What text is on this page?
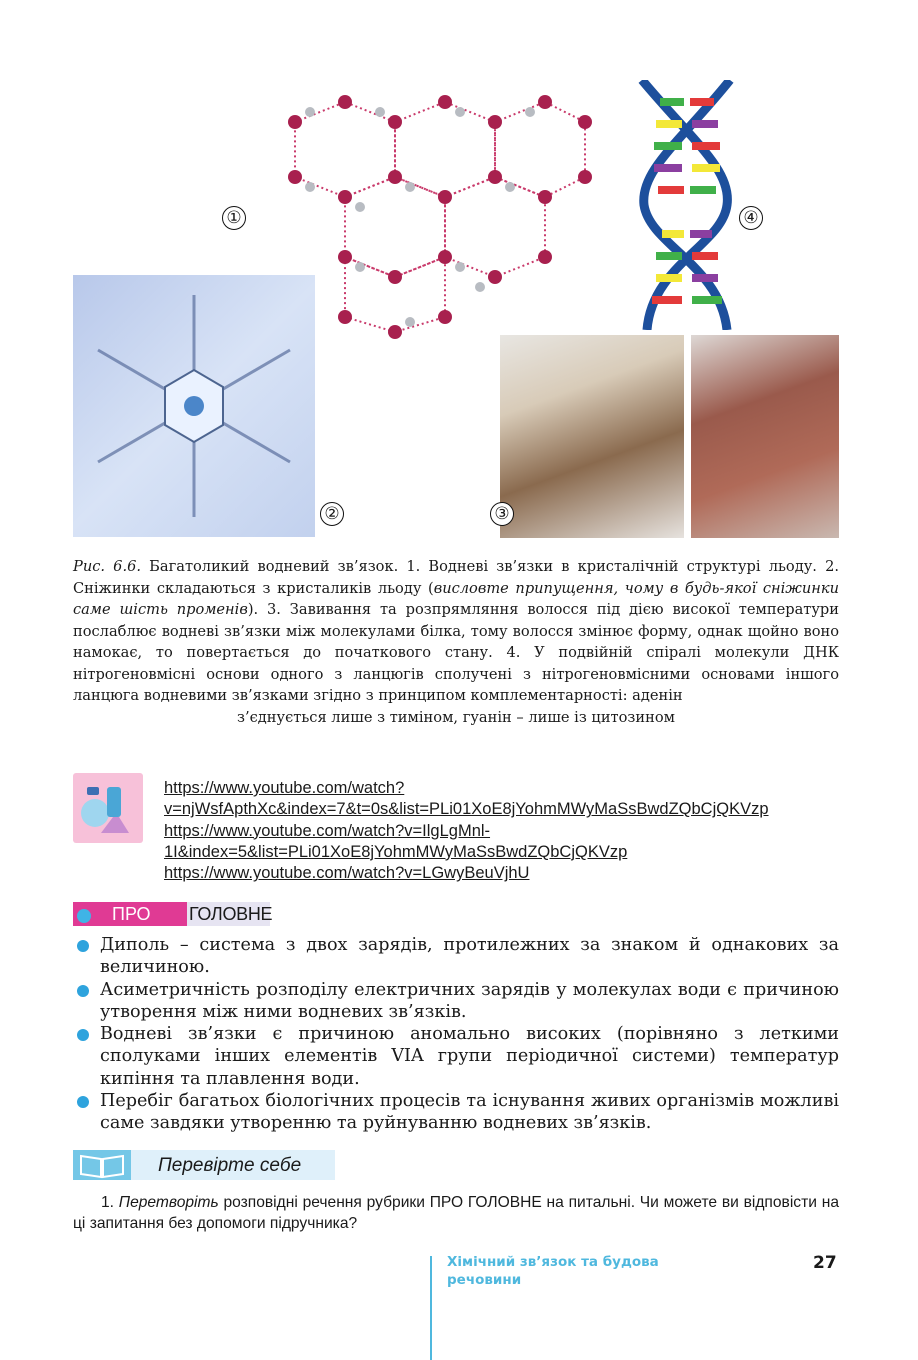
①
②	③
④
Рис. 6.6. Багатоликий водневий зв’язок. 1. Водневі зв’язки в кристалічній структурі льоду. 2. Сніжинки складаються з кристаликів льоду (висловте припущення, чому в будь-якої сніжинки саме шість променів). 3. Завивання та розпрямляння волосся під дією високої температури послаблює водневі зв’язки між молекулами білка, тому волосся змінює форму, однак щойно воно намокає, то повертається до початкового стану. 4. У подвійній спіралі молекули ДНК нітрогеновмісні основи одного з ланцюгів сполучені з нітрогеновмісними основами іншого ланцюга водневими зв’язками згідно з принципом комплементарності: аденін
з’єднується лише з тиміном, гуанін – лише із цитозином
https://www.youtube.com/watch?v=njWsfApthXc&index=7&t=0s&list=PLi01XoE8jYohmMWyMaSsBwdZQbCjQKVzp
https://www.youtube.com/watch?v=IlgLgMnl-1I&index=5&list=PLi01XoE8jYohmMWyMaSsBwdZQbCjQKVzp
https://www.youtube.com/watch?v=LGwyBeuVjhU
ПРО ГОЛОВНЕ
Диполь – система з двох зарядів, протилежних за знаком й однакових за величиною.
Асиметричність розподілу електричних зарядів у молекулах води є причиною утворення між ними водневих зв’язків.
Водневі зв’язки є причиною аномально високих (порівняно з леткими сполуками інших елементів VIA групи періодичної системи) температур кипіння та плавлення води.
Перебіг багатьох біологічних процесів та існування живих організмів можливі саме завдяки утворенню та руйнуванню водневих зв’язків.
Перевірте себе
1. Перетворіть розповідні речення рубрики ПРО ГОЛОВНЕ на питальні. Чи можете ви відповісти на ці запитання без допомоги підручника?
Хімічний зв’язок та будова речовини
27
